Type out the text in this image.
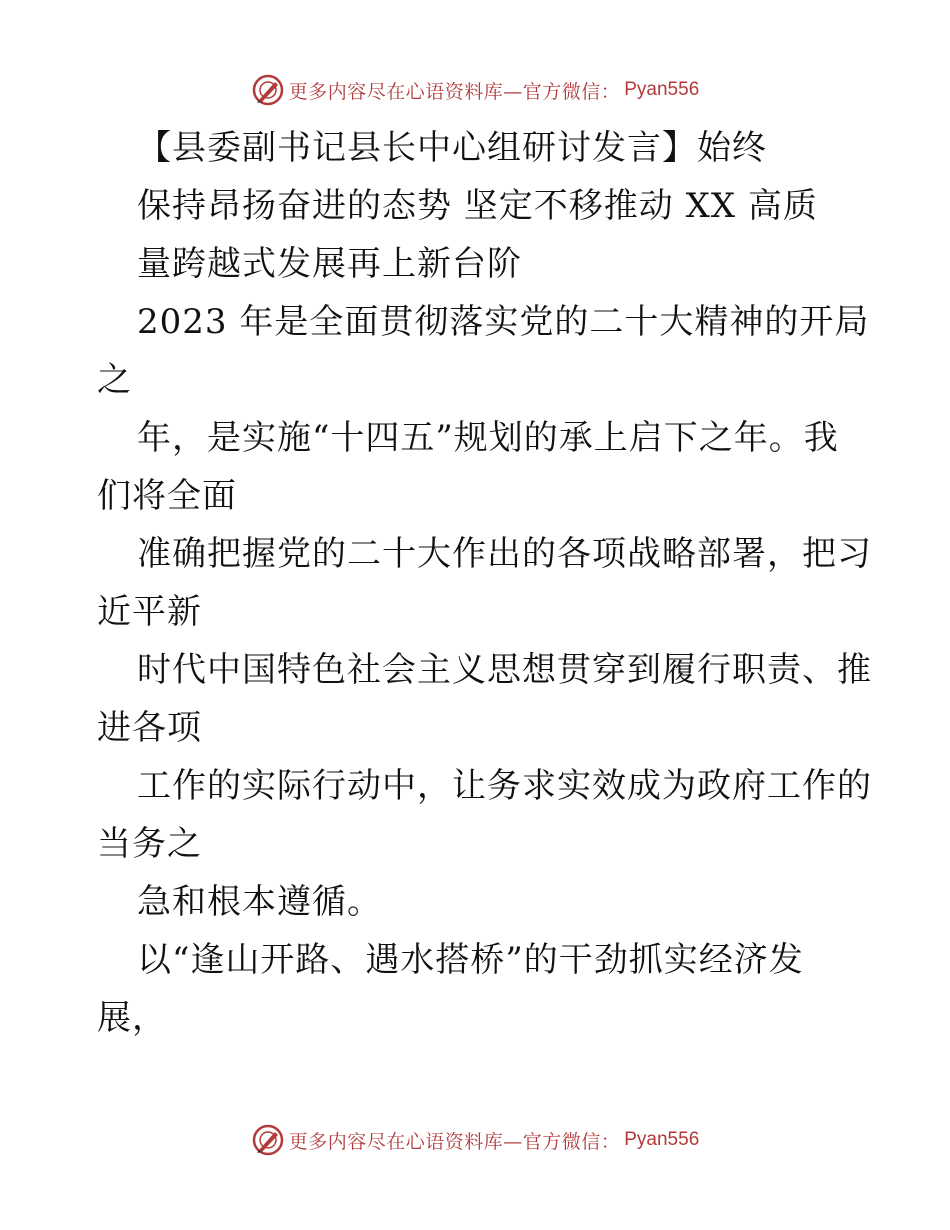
更多内容尽在心语资料库—官方微信： Pyan556

【县委副书记县长中心组研讨发言】始终

保持昂扬奋进的态势 坚定不移推动 XX 高质

量跨越式发展再上新台阶

2023 年是全面贯彻落实党的二十大精神的开局

之

年，是实施“十四五”规划的承上启下之年。我

们将全面

准确把握党的二十大作出的各项战略部署，把习

近平新

时代中国特色社会主义思想贯穿到履行职责、推

进各项

工作的实际行动中，让务求实效成为政府工作的

当务之

急和根本遵循。

以“逢山开路、遇水搭桥”的干劲抓实经济发

展，

更多内容尽在心语资料库—官方微信： Pyan556
